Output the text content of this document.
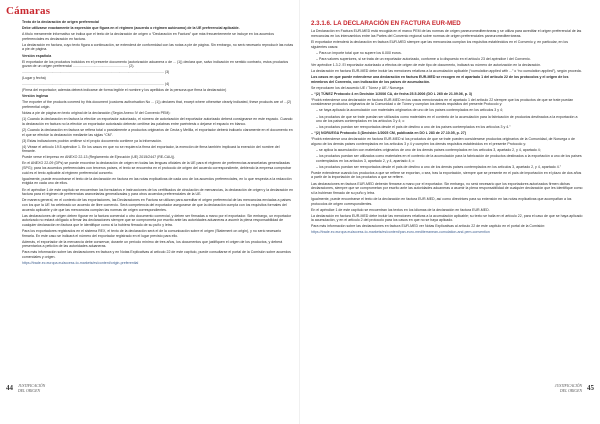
Cámaras

Texto de la declaración de origen preferencial

Debe utilizarse exactamente la expresión que figura en el régimen (acuerdo o régimen autónomo) de la UE preferencial aplicable.

A título meramente informativo se indica que el texto de la declaración de origen o “Declaración en Factura” que más frecuentemente se incluye en los acuerdos preferenciales es declaración en factura.

La declaración en factura, cuyo texto figura a continuación, se extenderá de conformidad con las notas a pie de página. Sin embargo, no será necesario reproducir las notas a pie de página.

Versión española

El exportador de los productos incluidos en el presente documento (autorización aduanera o de ... (1)) declara que, salvo indicación en sentido contrario, estos productos gozan de un origen preferencial ........................................................ (2).

................................................................................................................................................ (3)

(Lugar y fecha)

................................................................................................................................................ (4)

(Firma del exportador; además deberá indicarse de forma legible el nombre y los apellidos de la persona que firma la declaración)

Versión inglesa

The exporter of the products covered by this document (customs authorisation No ... (1)) declares that, except where otherwise clearly indicated, these products are of ...(2) preferential origin.

Notas a pie de página en texto original de la declaración (Según Anexo IV del Convenio PEM):

(1) Cuando la declaración en factura la efectúe un exportador autorizado, el número de autorización del exportador autorizado deberá consignarse en este espacio. Cuando la declaración en factura no la efectúe un exportador autorizado deberán omitirse las palabras entre paréntesis o dejarse el espacio en blanco.

(2) Cuando la declaración en factura se refiera total o parcialmente a productos originarios de Ceuta y Melilla, el exportador deberá indicarlo claramente en el documento en el que se efectúe la declaración mediante las siglas “CM”.

(3) Estas indicaciones podrán omitirse si el propio documento contiene ya la información.

(4) Véase el artículo 19.5 apéndice 1. En los casos en que no se requiera la firma del exportador, la exención de firma también implicará la exención del nombre del firmante.

Puede verse el impreso en ANEXO 22-13 (Reglamento de Ejecución (UE) 2015/2447 (RE-CAU)).

En el ANEXO 22-09 (DPs) se puede encontrar la declaración de origen en todas las lenguas oficiales de la UE para el régimen de preferencias arancelarias generalizadas (SPG); para los acuerdos preferenciales con terceros países, el texto se encuentra en el protocolo de origen del acuerdo correspondiente, debiendo la empresa comprobar cuál es el texto aplicable al régimen preferencial concreto.

Igualmente, puede encontrarse el texto de la declaración en factura en las notas explicativas de cada uno de los acuerdos preferenciales, en lo que respecta a la redacción exigida en cada uno de ellos.

En el apéndice 1 de este capítulo se encuentran los formularios e instrucciones de los certificados de circulación de mercancías, la declaración de origen y la declaración en factura para el régimen de preferencias arancelarias generalizadas y para otros acuerdos preferenciales de la UE.

De manera general, en el contexto de las exportaciones, las Declaraciones en Factura se utilizan para acreditar el origen preferencial de las mercancías enviadas a países con los que la UE ha celebrado un acuerdo de libre comercio. Será competencia del exportador asegurarse de que la declaración cumpla con los requisitos formales del acuerdo aplicable y de que las mercancías cumplan las normas de origen correspondientes.

Las declaraciones de origen deben figurar en la factura comercial u otro documento comercial, y deben ser firmadas a mano por el exportador. Sin embargo, un exportador autorizado no estará obligado a firmar las declaraciones siempre que se comprometa por escrito ante las autoridades aduaneras a asumir la plena responsabilidad de cualquier declaración en factura que le identifique como si la hubiera firmado de su puño y letra.

Para los exportadores registrados en el sistema REX, el texto de la declaración será el de la comunicación sobre el origen (Statement on origin), y no será necesario firmarla. En este caso se indicará el número del exportador registrado en el lugar previsto para ello.

Además, el exportador de la mercancía debe conservar, durante un período mínimo de tres años, los documentos que justifiquen el origen de los productos, y deberá presentarlos a petición de las autoridades aduaneras.

Para más información sobre las declaraciones en factura y en Notas Explicativas al artículo 22 de este capítulo, puede consultarse el portal de la Comisión sobre acuerdos comerciales y origen.

https://trade.ec.europa.eu/access-to-markets/es/content/origin-preferential

2.3.1.6. LA DECLARACIÓN EN FACTURA EUR-MED

La Declaración en Factura EUR-MED está recogida en el marco PEM de las normas de origen paneuromediterráneas y se utiliza para acreditar el origen preferencial de las mercancías en los intercambios entre las Partes del Convenio regional sobre normas de origen preferenciales paneuromediterráneas.

El exportador extenderá la declaración en factura EUR-MED siempre que las mercancías cumplan los requisitos establecidos en el Convenio y, en particular, en los siguientes casos:

– Para un importe total que no supere los 6.000 euros.

– Para valores superiores, si se trata de un exportador autorizado, conforme a lo dispuesto en el artículo 23 del apéndice I del Convenio.

Ver apéndice 1.3.2. El exportador autorizado a efectos de origen de este tipo de documento, indicará su número de autorización en la declaración.

La declaración en factura EUR-MED debe incluir las menciones relativas a la acumulación aplicable (“cumulation applied with ...” o “no cumulation applied”), según proceda.

Los casos en que puede extenderse una declaración en factura EUR-MED se recogen en el apartado 1 del artículo 22 de los protocolos y el origen de los miembros del Convenio, con indicación de los países de acumulación.

Se reproducen los del acuerdo UE / Túnez y UE / Noruega:

– “(2) TÚNEZ Protocolo 4 en Decisión 1/2006 CA, de fecha 25.5.2006 (DO L 260 de 21.09.06, p. 3)

“Podrá extenderse una declaración en factura EUR-MED en los casos mencionados en el apartado 1 del artículo 22 siempre que los productos de que se trate puedan considerarse productos originarios de la Comunidad o de Túnez y cumplan los demás requisitos del presente Protocolo y:

– se haya aplicado la acumulación con materiales originarios de uno de los países contemplados en los artículos 3 y 4;

– los productos de que se trate puedan ser utilizados como materiales en el contexto de la acumulación para la fabricación de productos destinados a la exportación a uno de los países contemplados en los artículos 3 y 4; o

– los productos puedan ser reexportados desde el país de destino a uno de los países contemplados en los artículos 3 y 4.”

– “(2) NORUEGA Protocolo 3 (Decisión 1/2005 CM, publicada en DO L 283 de 27.10.05, p. 27)

“Podrá extenderse una declaración en factura EUR-MED si los productos de que se trate pueden considerarse productos originarios de la Comunidad, de Noruega o de alguno de los demás países contemplados en los artículos 3 y 4 y cumplen los demás requisitos establecidos en el presente Protocolo y:

– se aplica la acumulación con materiales originarios de uno de los demás países contemplados en los artículos 3, apartado 2, y 4, apartado 4;

– los productos puedan ser utilizados como materiales en el contexto de la acumulación para la fabricación de productos destinados a la exportación a uno de los países contemplados en los artículos 3, apartado 2, y 4, apartado 4; o

– los productos puedan ser reexportados desde el país de destino a uno de los demás países contemplados en los artículos 3, apartado 2, y 4, apartado 4.”

Puede extenderse cuando los productos a que se refiere se exportan, o sea, tras la exportación, siempre que se presente en el país de importación en el plazo de dos años a partir de la importación de los productos a que se refiere.

Las declaraciones en factura EUR-MED deberán firmarse a mano por el exportador. Sin embargo, no será necesario que los exportadores autorizados firmen dichas declaraciones, siempre que se comprometan por escrito ante las autoridades aduaneras a asumir la plena responsabilidad de cualquier declaración que les identifique como si la hubieran firmado de su puño y letra.

Igualmente, puede encontrarse el texto de la declaración en factura EUR-MED, así como directrices para su extensión en las notas explicativas que acompañan a los protocolos de origen correspondientes.

En el apéndice 1 de este capítulo se encuentran los textos en los idiomas de la declaración en factura EUR-MED.

La declaración en factura EUR-MED debe incluir las menciones relativas a la acumulación aplicable; su texto se halla en el artículo 22, para el caso de que se haya aplicado la acumulación, y en el artículo 2 del protocolo para los casos en que no se haya aplicado.

Para más información sobre las declaraciones en factura EUR-MED ver Notas Explicativas al artículo 22 de este capítulo en el portal de la Comisión:

https://trade.ec.europa.eu/access-to-markets/es/content/pan-euro-mediterranean-cumulation-and-pem-convention

44 JUSTIFICACIÓN
DEL ORIGEN
JUSTIFICACIÓN
DEL ORIGEN 45
